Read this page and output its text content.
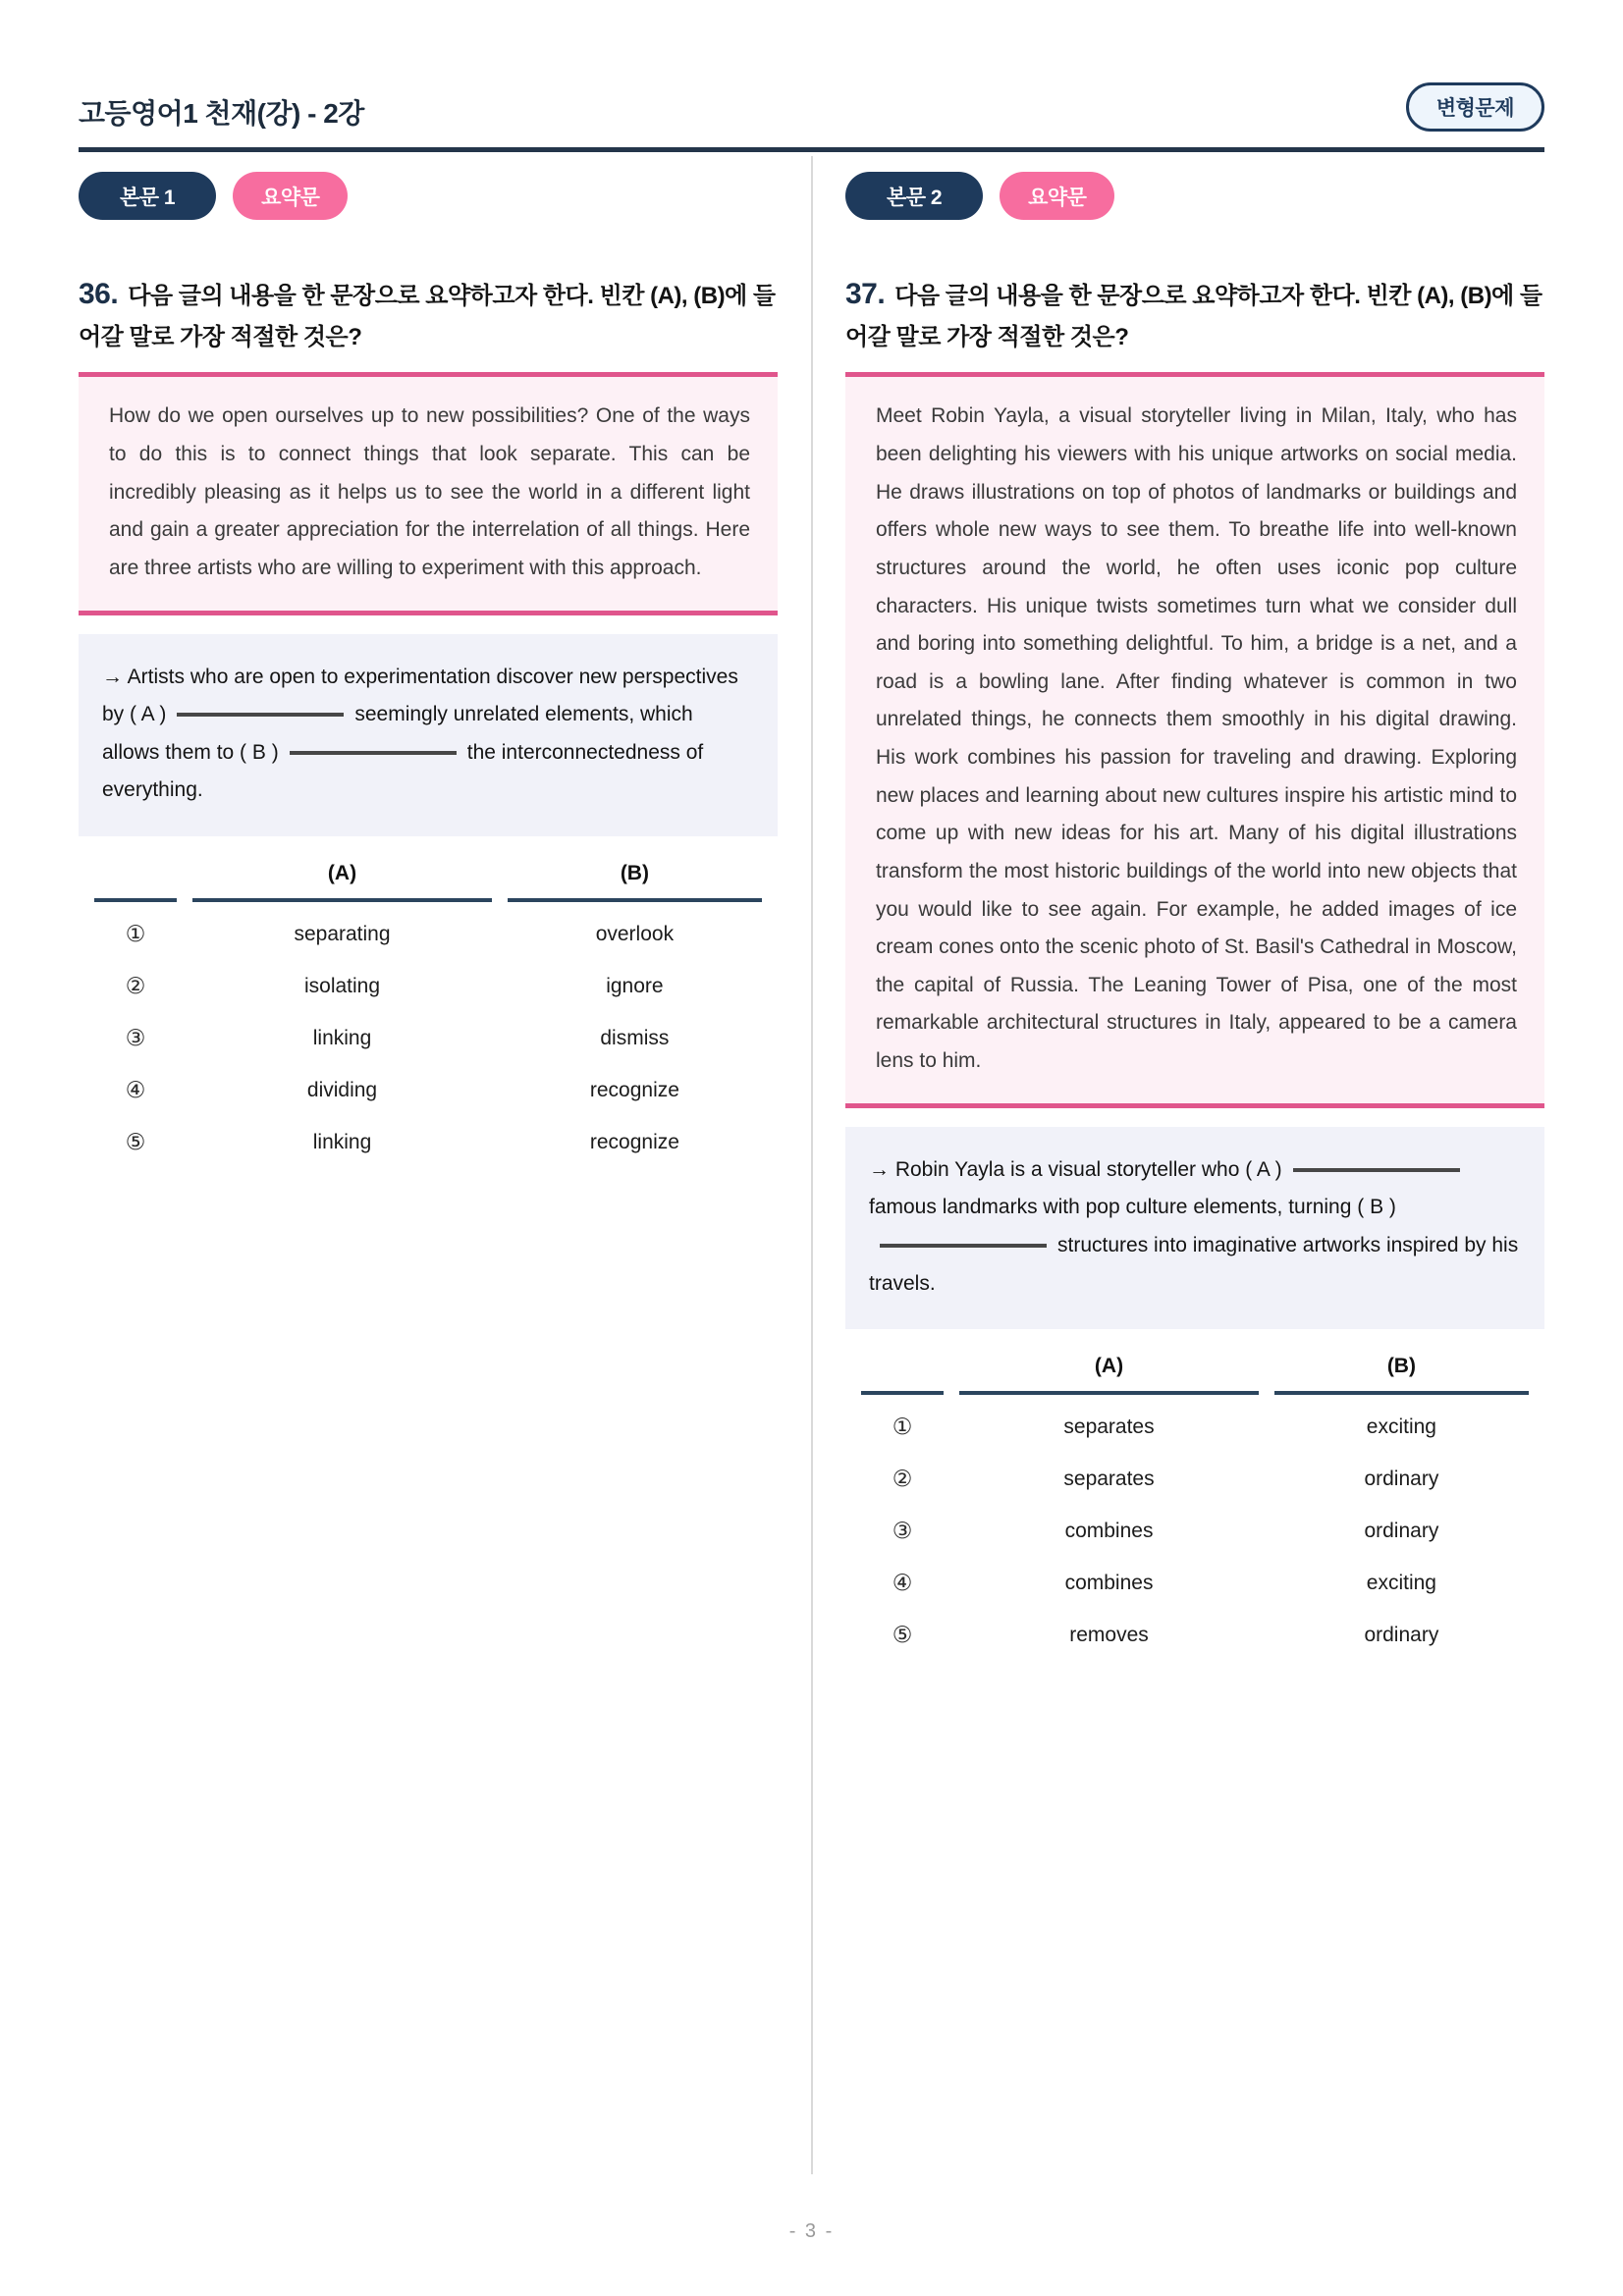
고등영어1 천재(강) - 2강	변형문제
본문 1	요약문
36. 다음 글의 내용을 한 문장으로 요약하고자 한다. 빈칸 (A), (B)에 들어갈 말로 가장 적절한 것은?
How do we open ourselves up to new possibilities? One of the ways to do this is to connect things that look separate. This can be incredibly pleasing as it helps us to see the world in a different light and gain a greater appreciation for the interrelation of all things. Here are three artists who are willing to experiment with this approach.
→ Artists who are open to experimentation discover new perspectives by ( A )	seemingly unrelated elements, which allows them to ( B )	the interconnectedness of everything.
	(A)	(B)
①	separating	overlook
②	isolating	ignore
③	linking	dismiss
④	dividing	recognize
⑤	linking	recognize
본문 2	요약문
37. 다음 글의 내용을 한 문장으로 요약하고자 한다. 빈칸 (A), (B)에 들어갈 말로 가장 적절한 것은?
Meet Robin Yayla, a visual storyteller living in Milan, Italy, who has been delighting his viewers with his unique artworks on social media. He draws illustrations on top of photos of landmarks or buildings and offers whole new ways to see them. To breathe life into well-known structures around the world, he often uses iconic pop culture characters. His unique twists sometimes turn what we consider dull and boring into something delightful. To him, a bridge is a net, and a road is a bowling lane. After finding whatever is common in two unrelated things, he connects them smoothly in his digital drawing. His work combines his passion for traveling and drawing. Exploring new places and learning about new cultures inspire his artistic mind to come up with new ideas for his art. Many of his digital illustrations transform the most historic buildings of the world into new objects that you would like to see again. For example, he added images of ice cream cones onto the scenic photo of St. Basil's Cathedral in Moscow, the capital of Russia. The Leaning Tower of Pisa, one of the most remarkable architectural structures in Italy, appeared to be a camera lens to him.
→ Robin Yayla is a visual storyteller who ( A )famous landmarks with pop culture elements, turning ( B )structures into imaginative artworks inspired by his travels.
	(A)	(B)
①	separates	exciting
②	separates	ordinary
③	combines	ordinary
④	combines	exciting
⑤	removes	ordinary
- 3 -
